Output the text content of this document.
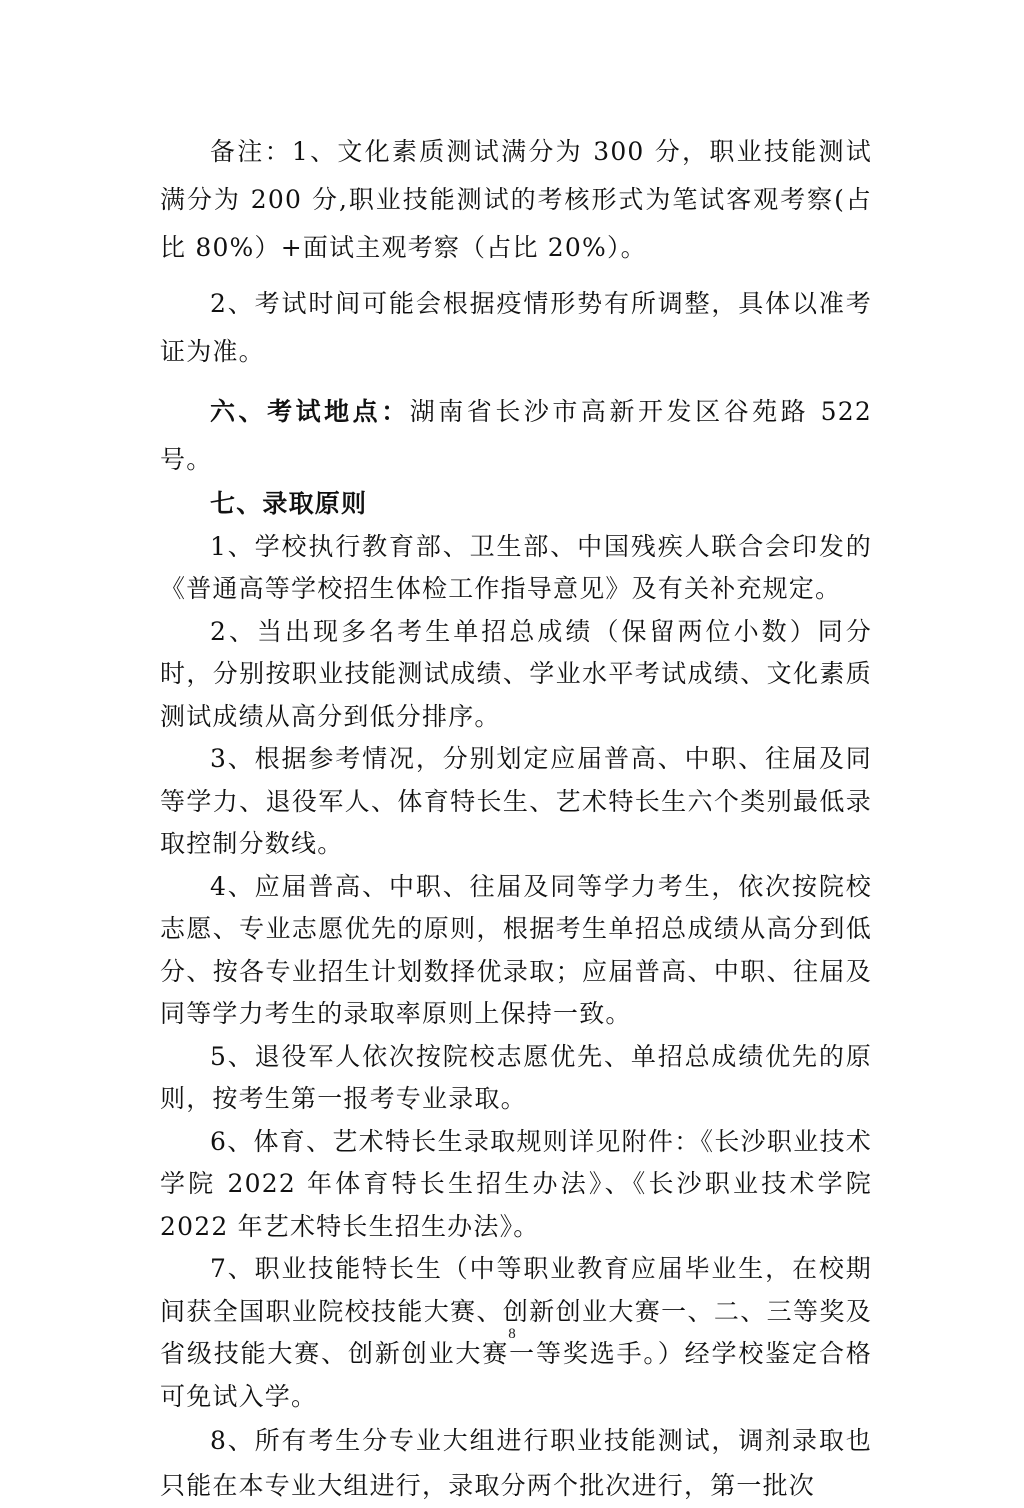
备注：1、文化素质测试满分为 300 分，职业技能测试满分为 200 分,职业技能测试的考核形式为笔试客观考察(占比 80%）+面试主观考察（占比 20%）。

2、考试时间可能会根据疫情形势有所调整，具体以准考证为准。

六、考试地点：湖南省长沙市高新开发区谷苑路 522 号。

七、录取原则

1、学校执行教育部、卫生部、中国残疾人联合会印发的《普通高等学校招生体检工作指导意见》及有关补充规定。

2、当出现多名考生单招总成绩（保留两位小数）同分时，分别按职业技能测试成绩、学业水平考试成绩、文化素质测试成绩从高分到低分排序。

3、根据参考情况，分别划定应届普高、中职、往届及同等学力、退役军人、体育特长生、艺术特长生六个类别最低录取控制分数线。

4、应届普高、中职、往届及同等学力考生，依次按院校志愿、专业志愿优先的原则，根据考生单招总成绩从高分到低分、按各专业招生计划数择优录取；应届普高、中职、往届及同等学力考生的录取率原则上保持一致。

5、退役军人依次按院校志愿优先、单招总成绩优先的原则，按考生第一报考专业录取。

6、体育、艺术特长生录取规则详见附件：《长沙职业技术学院 2022 年体育特长生招生办法》、《长沙职业技术学院 2022 年艺术特长生招生办法》。

7、职业技能特长生（中等职业教育应届毕业生，在校期间获全国职业院校技能大赛、创新创业大赛一、二、三等奖及省级技能大赛、创新创业大赛一等奖选手。）经学校鉴定合格可免试入学。

8、所有考生分专业大组进行职业技能测试，调剂录取也只能在本专业大组进行，录取分两个批次进行，第一批次

8
